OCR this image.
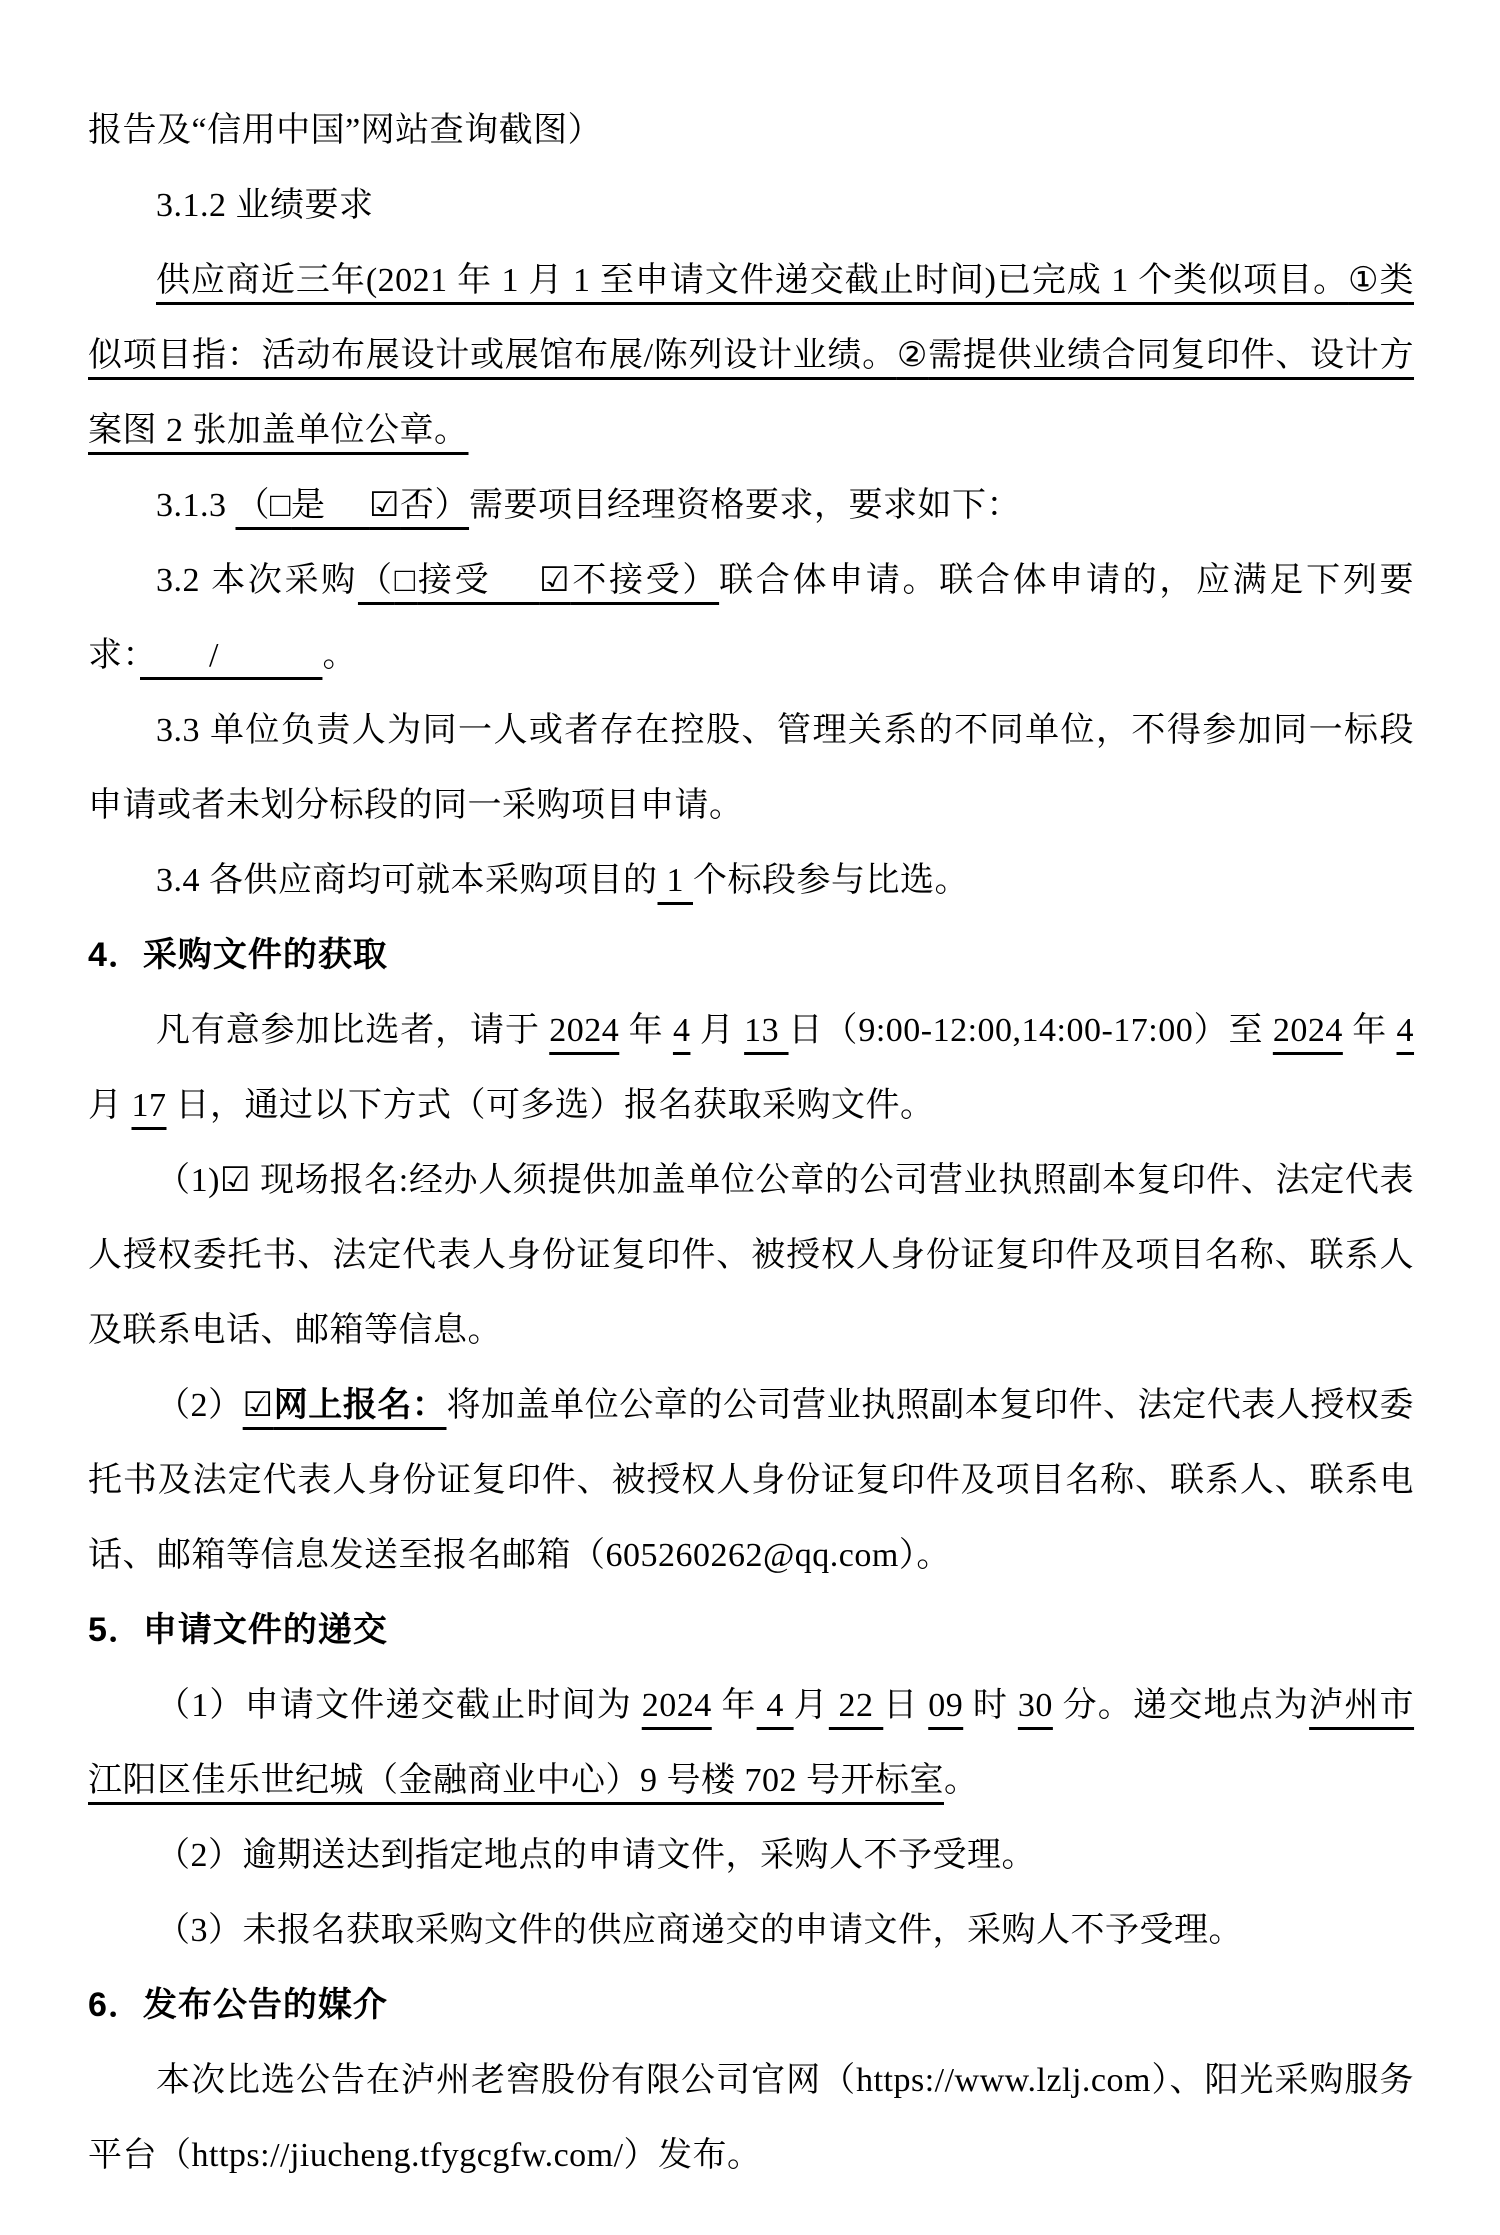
报告及“信用中国”网站查询截图）

3.1.2 业绩要求

供应商近三年(2021 年 1 月 1 至申请文件递交截止时间)已完成 1 个类似项目。①类似项目指：活动布展设计或展馆布展/陈列设计业绩。②需提供业绩合同复印件、设计方案图 2 张加盖单位公章。

3.1.3 （□是　 ☑否）需要项目经理资格要求，要求如下：

3.2 本次采购（□接受　 ☑不接受）联合体申请。联合体申请的，应满足下列要求：　　/　　　。

3.3 单位负责人为同一人或者存在控股、管理关系的不同单位，不得参加同一标段申请或者未划分标段的同一采购项目申请。

3.4 各供应商均可就本采购项目的 1 个标段参与比选。

4．采购文件的获取

凡有意参加比选者，请于 2024 年 4 月 13 日（9:00-12:00,14:00-17:00）至 2024 年 4 月 17 日，通过以下方式（可多选）报名获取采购文件。

（1)☑ 现场报名:经办人须提供加盖单位公章的公司营业执照副本复印件、法定代表人授权委托书、法定代表人身份证复印件、被授权人身份证复印件及项目名称、联系人及联系电话、邮箱等信息。

（2）☑网上报名：将加盖单位公章的公司营业执照副本复印件、法定代表人授权委托书及法定代表人身份证复印件、被授权人身份证复印件及项目名称、联系人、联系电话、邮箱等信息发送至报名邮箱（605260262@qq.com）。

5．申请文件的递交

（1）申请文件递交截止时间为 2024 年 4 月 22 日 09 时 30 分。递交地点为泸州市江阳区佳乐世纪城（金融商业中心）9 号楼 702 号开标室。

（2）逾期送达到指定地点的申请文件，采购人不予受理。

（3）未报名获取采购文件的供应商递交的申请文件，采购人不予受理。

6．发布公告的媒介

本次比选公告在泸州老窖股份有限公司官网（https://www.lzlj.com）、阳光采购服务平台（https://jiucheng.tfygcgfw.com/）发布。
